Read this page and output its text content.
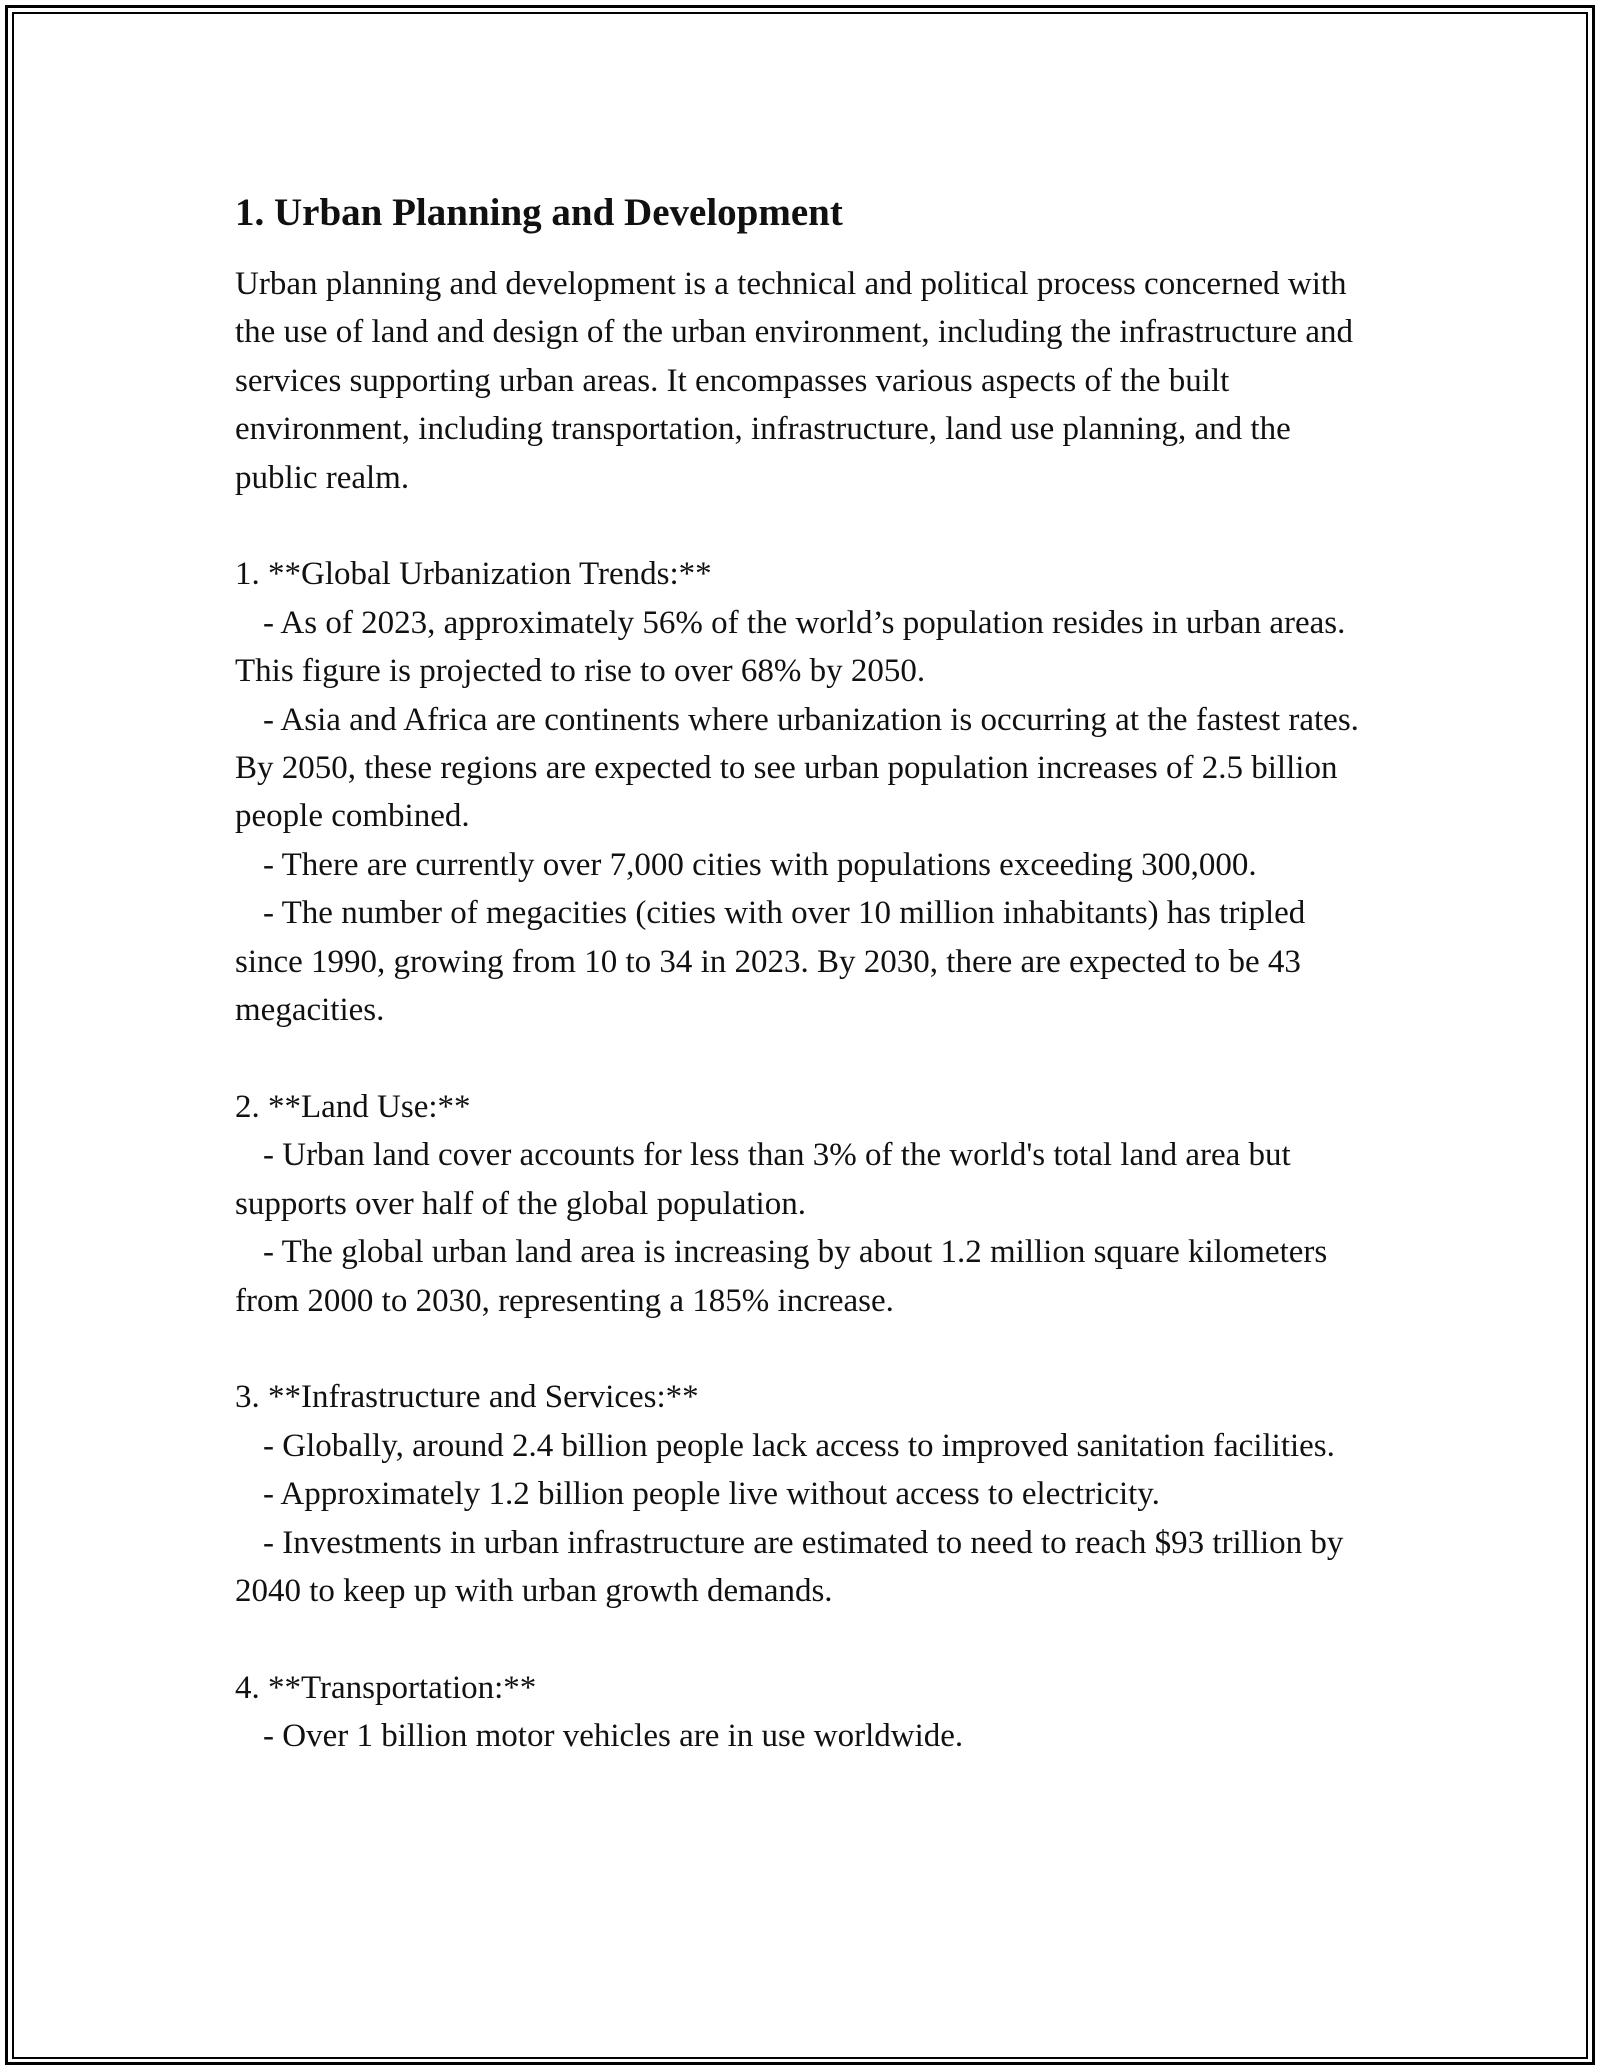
1. Urban Planning and Development

Urban planning and development is a technical and political process concerned with the use of land and design of the urban environment, including the infrastructure and services supporting urban areas. It encompasses various aspects of the built environment, including transportation, infrastructure, land use planning, and the public realm.

1. **Global Urbanization Trends:**

- As of 2023, approximately 56% of the world’s population resides in urban areas. This figure is projected to rise to over 68% by 2050.

- Asia and Africa are continents where urbanization is occurring at the fastest rates. By 2050, these regions are expected to see urban population increases of 2.5 billion people combined.

- There are currently over 7,000 cities with populations exceeding 300,000.

- The number of megacities (cities with over 10 million inhabitants) has tripled since 1990, growing from 10 to 34 in 2023. By 2030, there are expected to be 43 megacities.

2. **Land Use:**

- Urban land cover accounts for less than 3% of the world's total land area but supports over half of the global population.

- The global urban land area is increasing by about 1.2 million square kilometers from 2000 to 2030, representing a 185% increase.

3. **Infrastructure and Services:**

- Globally, around 2.4 billion people lack access to improved sanitation facilities.

- Approximately 1.2 billion people live without access to electricity.

- Investments in urban infrastructure are estimated to need to reach $93 trillion by 2040 to keep up with urban growth demands.

4. **Transportation:**

- Over 1 billion motor vehicles are in use worldwide.
